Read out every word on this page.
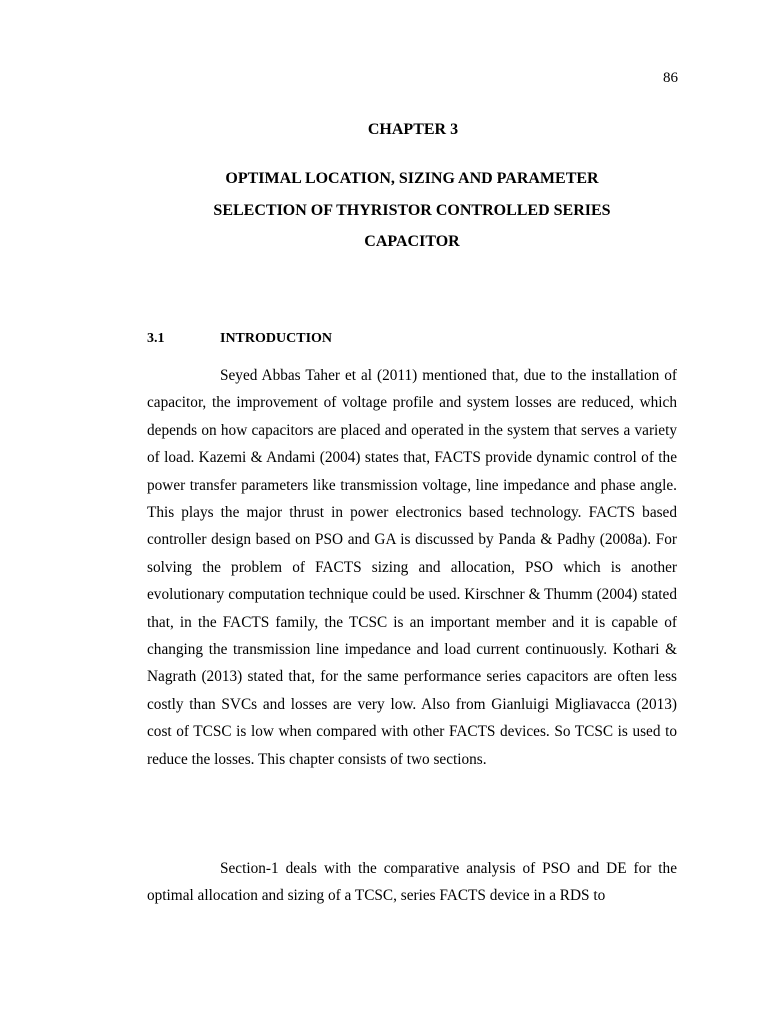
86
CHAPTER 3
OPTIMAL LOCATION, SIZING AND PARAMETER SELECTION OF THYRISTOR CONTROLLED SERIES CAPACITOR
3.1	INTRODUCTION

Seyed Abbas Taher et al (2011) mentioned that, due to the installation of capacitor, the improvement of voltage profile and system losses are reduced, which depends on how capacitors are placed and operated in the system that serves a variety of load. Kazemi & Andami (2004) states that, FACTS provide dynamic control of the power transfer parameters like transmission voltage, line impedance and phase angle. This plays the major thrust in power electronics based technology. FACTS based controller design based on PSO and GA is discussed by Panda & Padhy (2008a). For solving the problem of FACTS sizing and allocation, PSO which is another evolutionary computation technique could be used. Kirschner & Thumm (2004) stated that, in the FACTS family, the TCSC is an important member and it is capable of changing the transmission line impedance and load current continuously. Kothari & Nagrath (2013) stated that, for the same performance series capacitors are often less costly than SVCs and losses are very low. Also from Gianluigi Migliavacca (2013) cost of TCSC is low when compared with other FACTS devices. So TCSC is used to reduce the losses. This chapter consists of two sections.

Section-1 deals with the comparative analysis of PSO and DE for the optimal allocation and sizing of a TCSC, series FACTS device in a RDS to
